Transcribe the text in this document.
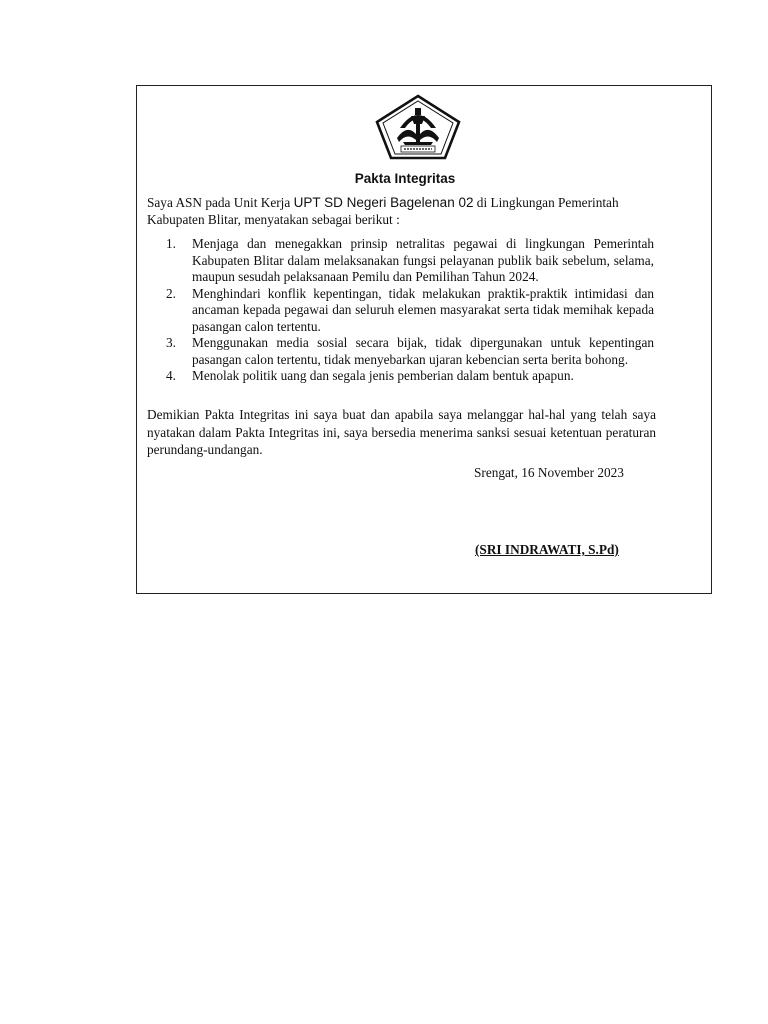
Pakta Integritas

Saya ASN pada Unit Kerja UPT SD Negeri Bagelenan 02 di Lingkungan Pemerintah Kabupaten Blitar, menyatakan sebagai berikut :

1. Menjaga dan menegakkan prinsip netralitas pegawai di lingkungan Pemerintah Kabupaten Blitar dalam melaksanakan fungsi pelayanan publik baik sebelum, selama, maupun sesudah pelaksanaan Pemilu dan Pemilihan Tahun 2024.
2. Menghindari konflik kepentingan, tidak melakukan praktik-praktik intimidasi dan ancaman kepada pegawai dan seluruh elemen masyarakat serta tidak memihak kepada pasangan calon tertentu.
3. Menggunakan media sosial secara bijak, tidak dipergunakan untuk kepentingan pasangan calon tertentu, tidak menyebarkan ujaran kebencian serta berita bohong.
4. Menolak politik uang dan segala jenis pemberian dalam bentuk apapun.

Demikian Pakta Integritas ini saya buat dan apabila saya melanggar hal-hal yang telah saya nyatakan dalam Pakta Integritas ini, saya bersedia menerima sanksi sesuai ketentuan peraturan perundang-undangan.

Srengat, 16 November 2023

(SRI INDRAWATI, S.Pd)
